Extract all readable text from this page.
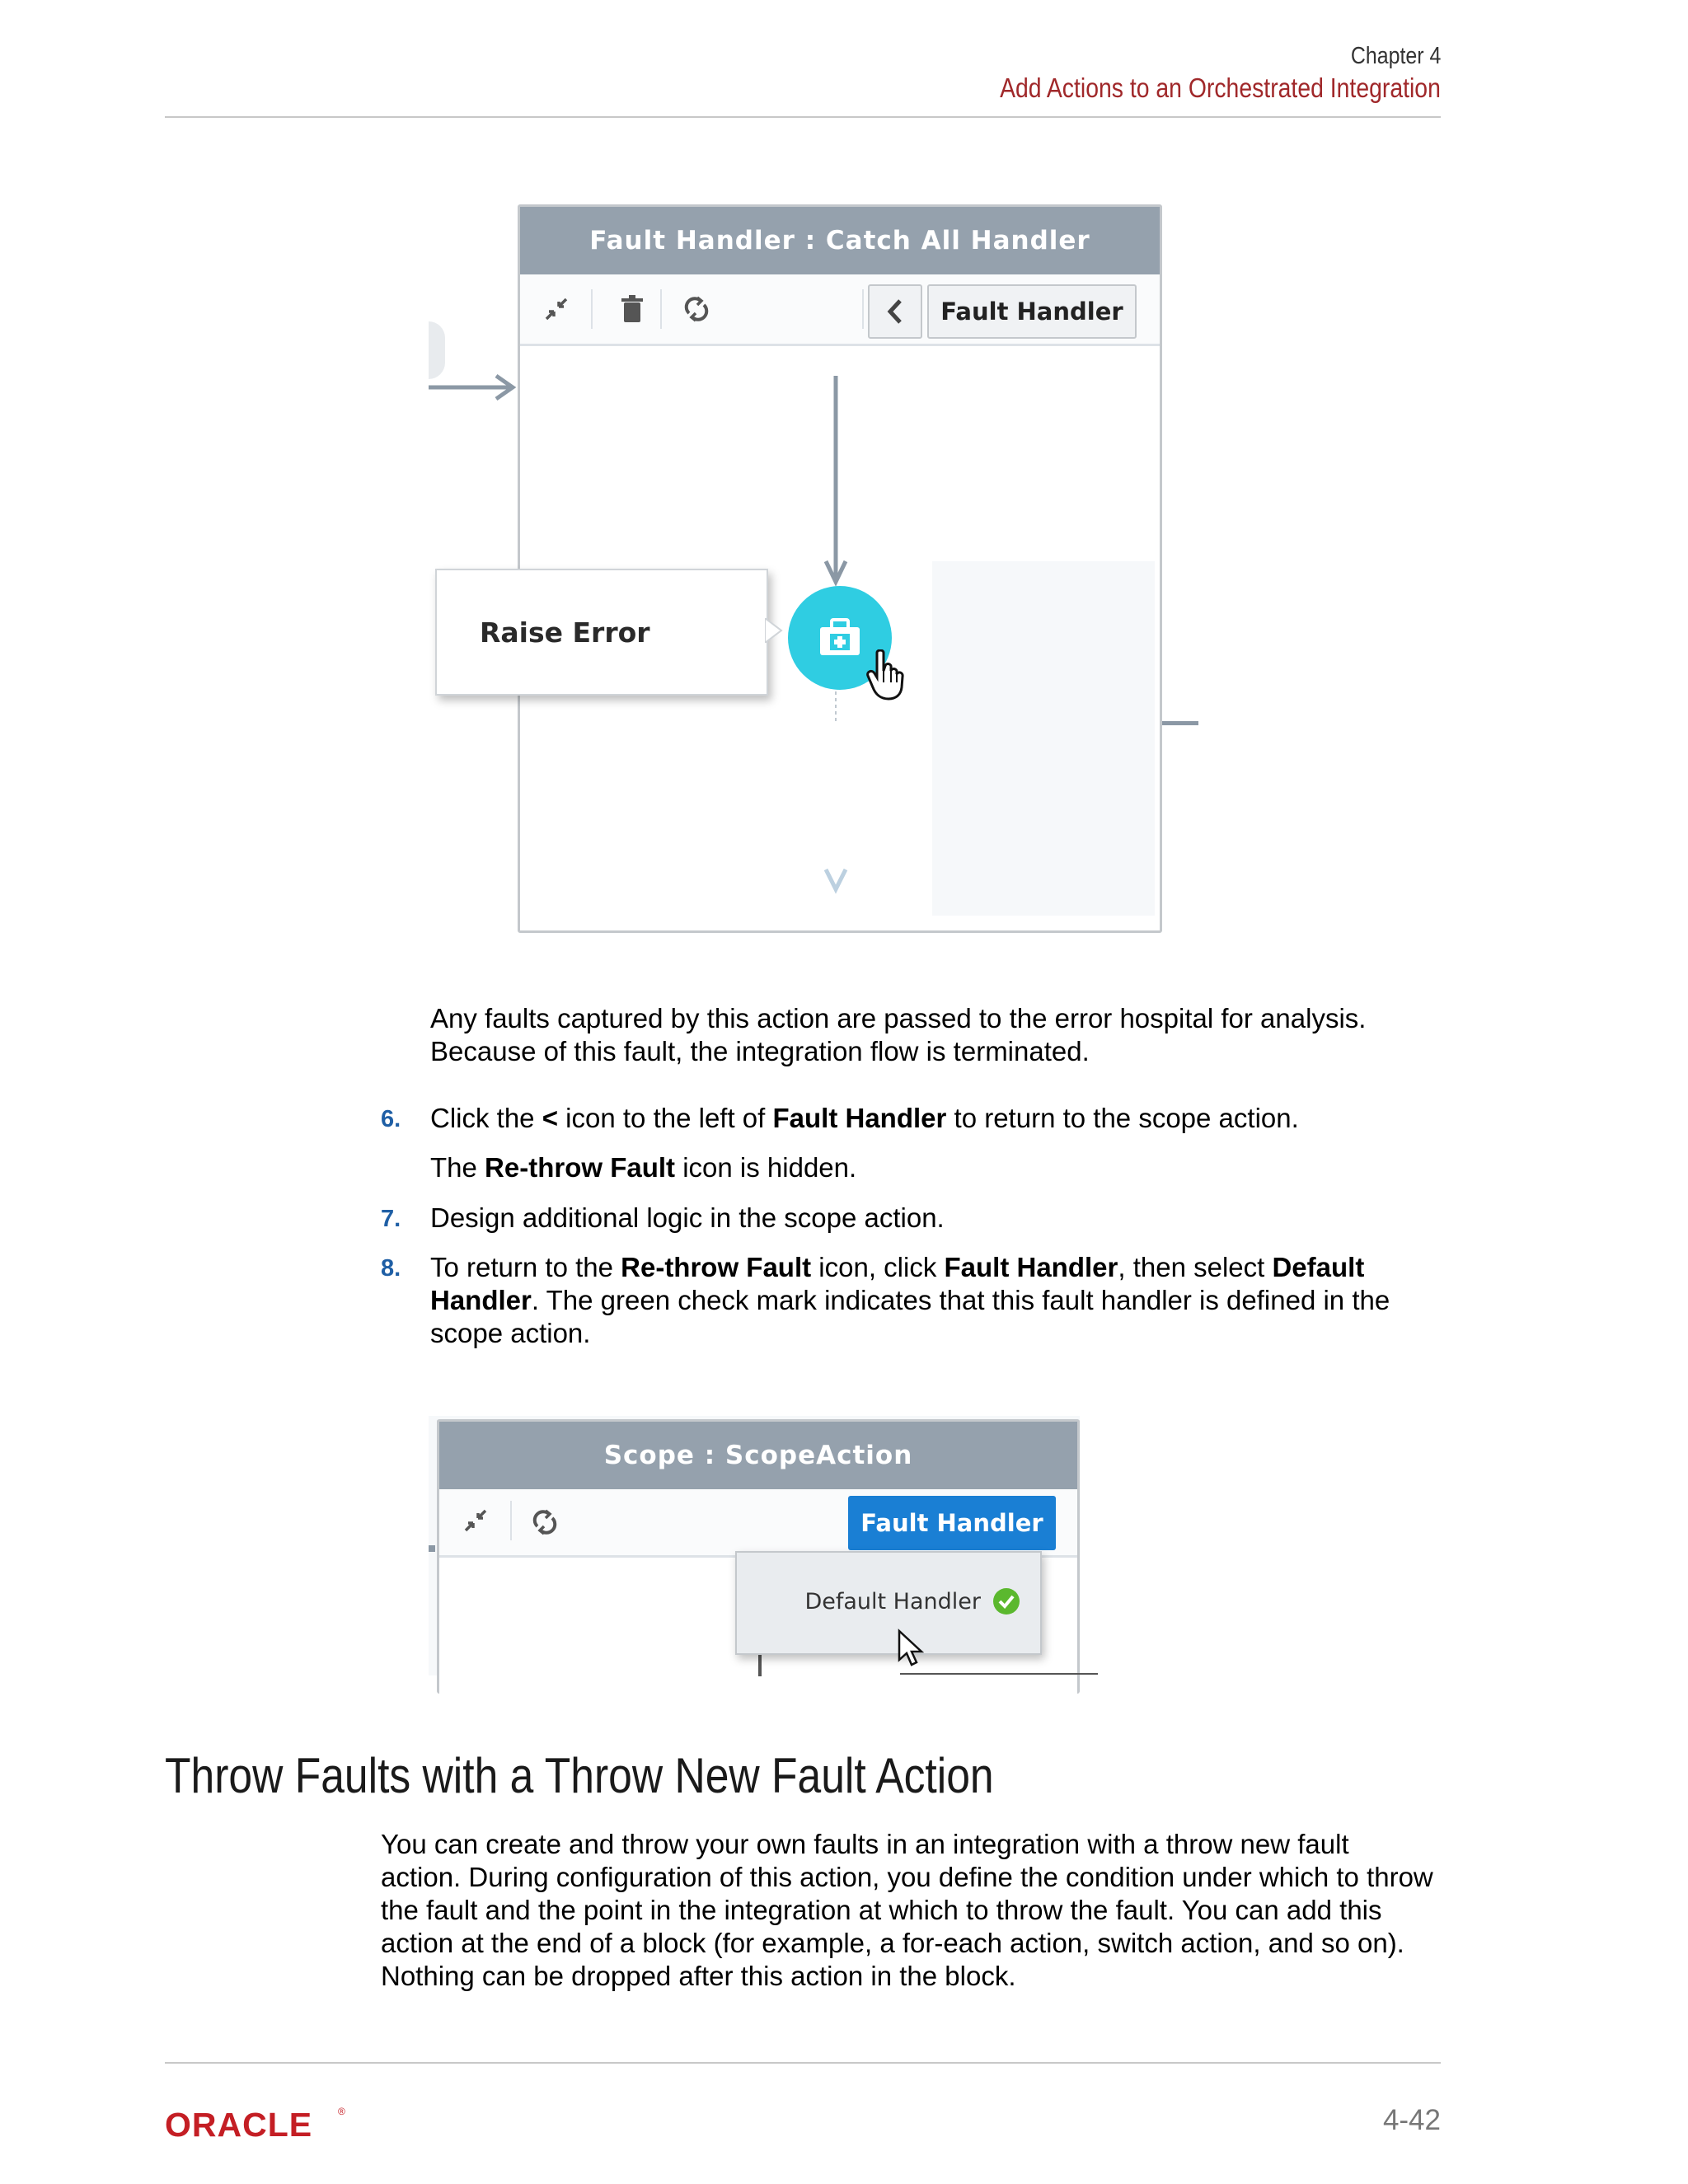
Chapter 4
Add Actions to an Orchestrated Integration
Fault Handler : Catch All Handler
Fault Handler
Raise Error
Any faults captured by this action are passed to the error hospital for analysis. Because of this fault, the integration flow is terminated.
6. Click the < icon to the left of Fault Handler to return to the scope action.
The Re-throw Fault icon is hidden.
7. Design additional logic in the scope action.
8. To return to the Re-throw Fault icon, click Fault Handler, then select Default Handler. The green check mark indicates that this fault handler is defined in the scope action.
Scope : ScopeAction
Fault Handler
Default Handler
Throw Faults with a Throw New Fault Action
You can create and throw your own faults in an integration with a throw new fault action. During configuration of this action, you define the condition under which to throw the fault and the point in the integration at which to throw the fault. You can add this action at the end of a block (for example, a for-each action, switch action, and so on). Nothing can be dropped after this action in the block.
ORACLE	®	4-42
